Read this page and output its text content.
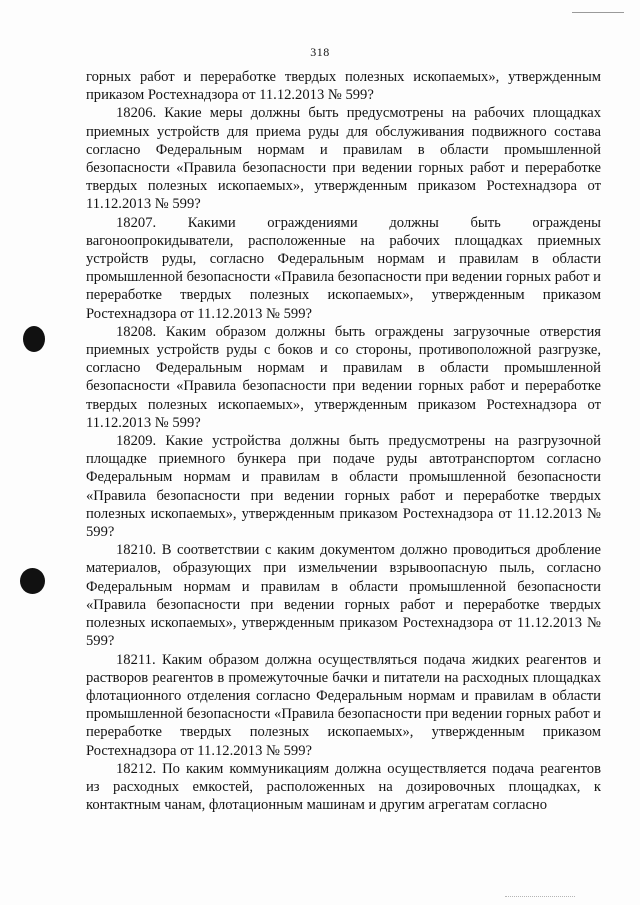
318

горных работ и переработке твердых полезных ископаемых», утвержденным приказом Ростехнадзора от 11.12.2013 № 599?

18206. Какие меры должны быть предусмотрены на рабочих площадках приемных устройств для приема руды для обслуживания подвижного состава согласно Федеральным нормам и правилам в области промышленной безопасности «Правила безопасности при ведении горных работ и переработке твердых полезных ископаемых», утвержденным приказом Ростехнадзора от 11.12.2013 № 599?

18207. Какими ограждениями должны быть ограждены вагоноопрокидыватели, расположенные на рабочих площадках приемных устройств руды, согласно Федеральным нормам и правилам в области промышленной безопасности «Правила безопасности при ведении горных работ и переработке твердых полезных ископаемых», утвержденным приказом Ростехнадзора от 11.12.2013 № 599?

18208. Каким образом должны быть ограждены загрузочные отверстия приемных устройств руды с боков и со стороны, противоположной разгрузке, согласно Федеральным нормам и правилам в области промышленной безопасности «Правила безопасности при ведении горных работ и переработке твердых полезных ископаемых», утвержденным приказом Ростехнадзора от 11.12.2013 № 599?

18209. Какие устройства должны быть предусмотрены на разгрузочной площадке приемного бункера при подаче руды автотранспортом согласно Федеральным нормам и правилам в области промышленной безопасности «Правила безопасности при ведении горных работ и переработке твердых полезных ископаемых», утвержденным приказом Ростехнадзора от 11.12.2013 № 599?

18210. В соответствии с каким документом должно проводиться дробление материалов, образующих при измельчении взрывоопасную пыль, согласно Федеральным нормам и правилам в области промышленной безопасности «Правила безопасности при ведении горных работ и переработке твердых полезных ископаемых», утвержденным приказом Ростехнадзора от 11.12.2013 № 599?

18211. Каким образом должна осуществляться подача жидких реагентов и растворов реагентов в промежуточные бачки и питатели на расходных площадках флотационного отделения согласно Федеральным нормам и правилам в области промышленной безопасности «Правила безопасности при ведении горных работ и переработке твердых полезных ископаемых», утвержденным приказом Ростехнадзора от 11.12.2013 № 599?

18212. По каким коммуникациям должна осуществляется подача реагентов из расходных емкостей, расположенных на дозировочных площадках, к контактным чанам, флотационным машинам и другим агрегатам согласно
